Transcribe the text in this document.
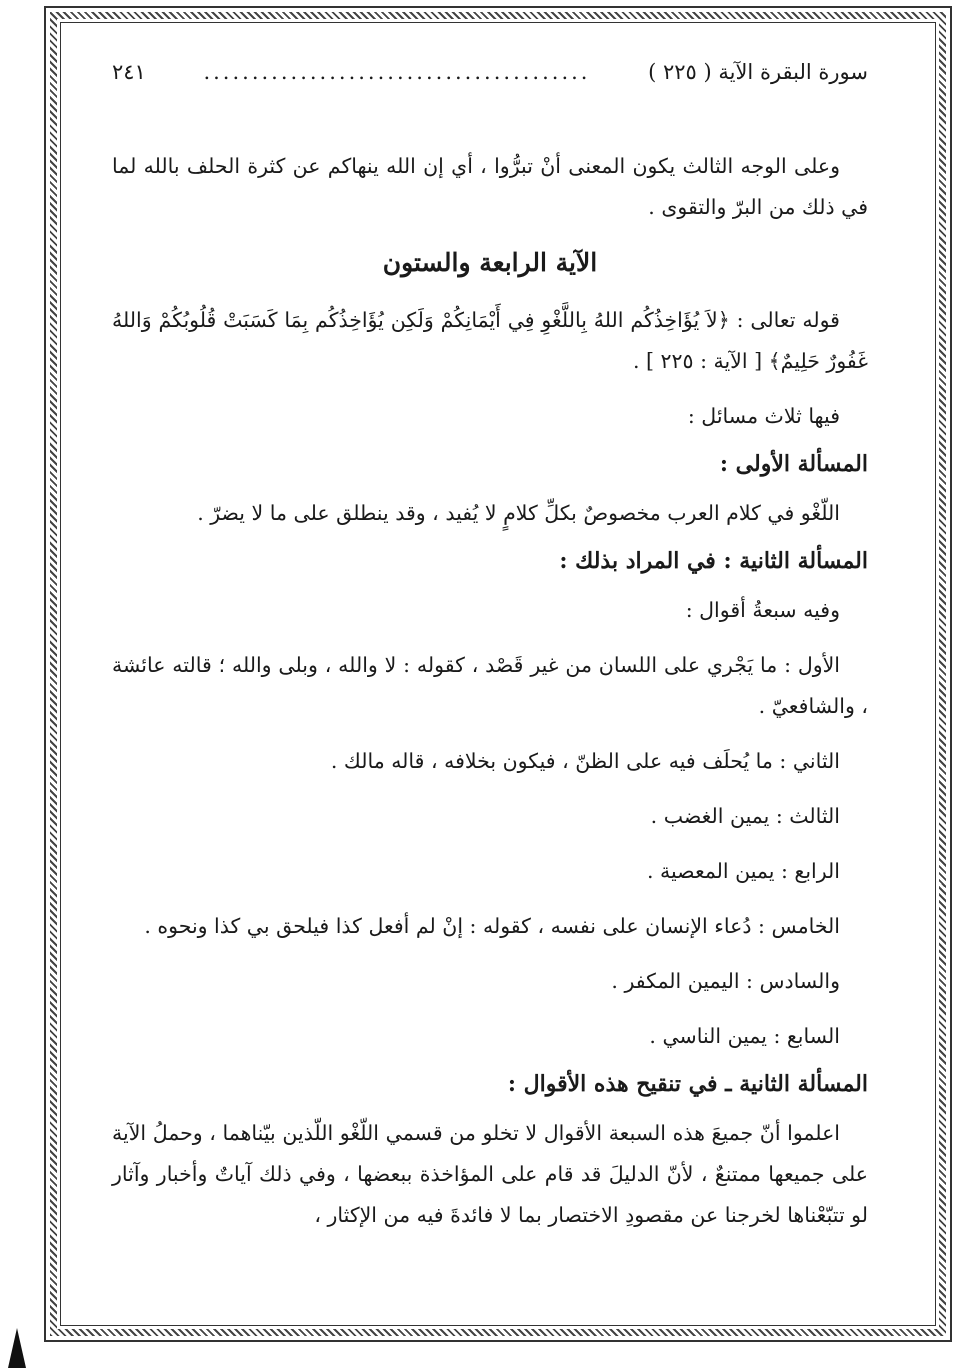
سورة البقرة الآية ( ٢٢٥ )
........................................
٢٤١

وعلى الوجه الثالث يكون المعنى أنْ تبرُّوا ، أي إن الله ينهاكم عن كثرة الحلف بالله لما في ذلك من البرّ والتقوى .

الآية الرابعة والستون

قوله تعالى : ﴿لاَ يُؤَاخِذُكُم اللهُ بِاللَّغْوِ فِي أَيْمَانِكُمْ وَلَكِن يُؤَاخِذُكُم بِمَا كَسَبَتْ قُلُوبُكُمْ وَاللهُ غَفُورٌ حَلِيمٌ﴾ [ الآية : ٢٢٥ ] .

فيها ثلاث مسائل :

المسألة الأولى :

اللّغْو في كلام العرب مخصوصٌ بكلِّ كلامٍ لا يُفيد ، وقد ينطلق على ما لا يضرّ .

المسألة الثانية : في المراد بذلك :

وفيه سبعةُ أقوال :

الأول : ما يَجْري على اللسان من غير قَصْد ، كقوله : لا والله ، وبلى والله ؛ قالته عائشة ، والشافعيّ .

الثاني : ما يُحلَف فيه على الظنّ ، فيكون بخلافه ، قاله مالك .

الثالث : يمين الغضب .

الرابع : يمين المعصية .

الخامس : دُعاء الإنسان على نفسه ، كقوله : إنْ لم أفعل كذا فيلحق بي كذا ونحوه .

والسادس : اليمين المكفر .

السابع : يمين الناسي .

المسألة الثانية ـ في تنقيح هذه الأقوال :

اعلموا أنّ جميعَ هذه السبعة الأقوال لا تخلو من قسمي اللّغْو اللّذين بيّناهما ، وحملُ الآية على جميعها ممتنعٌ ، لأنّ الدليلَ قد قام على المؤاخذة ببعضها ، وفي ذلك آياتٌ وأخبار وآثار لو تتبّعْناها لخرجنا عن مقصودِ الاختصار بما لا فائدةَ فيه من الإكثار ،
